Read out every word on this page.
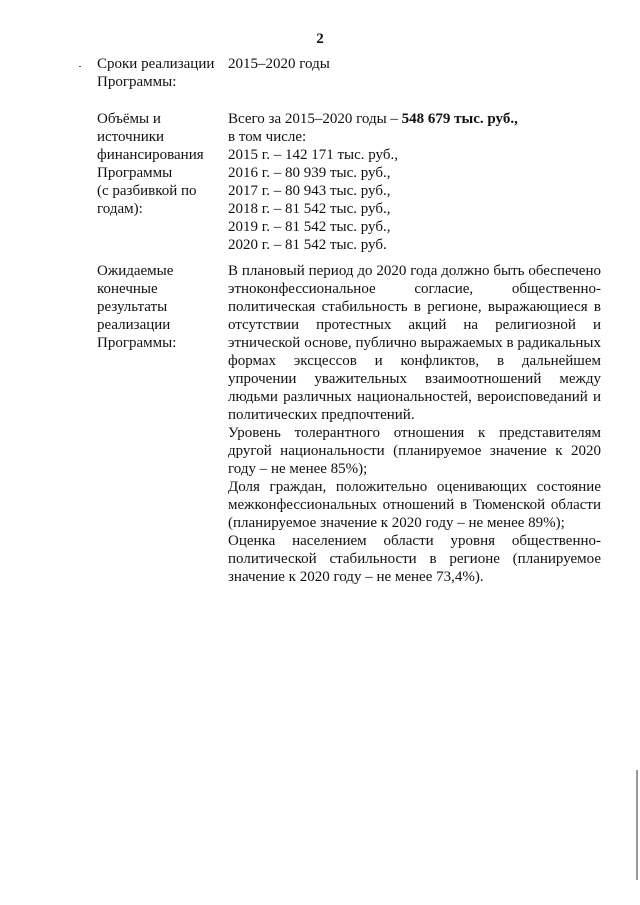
2
Сроки реализации
Программы:
2015–2020 годы
Объёмы и
источники
финансирования
Программы
(с разбивкой по
годам):
Всего за 2015–2020 годы – 548 679 тыс. руб.,
в том числе:
2015 г. – 142 171 тыс. руб.,
2016 г. – 80 939 тыс. руб.,
2017 г. – 80 943 тыс. руб.,
2018 г. – 81 542 тыс. руб.,
2019 г. – 81 542 тыс. руб.,
2020 г. – 81 542 тыс. руб.
Ожидаемые
конечные
результаты
реализации
Программы:

В плановый период до 2020 года должно быть обеспечено этноконфессиональное согласие, общественно-политическая стабильность в регионе, выражающиеся в отсутствии протестных акций на религиозной и этнической основе, публично выражаемых в радикальных формах эксцессов и конфликтов, в дальнейшем упрочении уважительных взаимоотношений между людьми различных национальностей, вероисповеданий и политических предпочтений.

Уровень толерантного отношения к представителям другой национальности (планируемое значение к 2020 году – не менее 85%);

Доля граждан, положительно оценивающих состояние межконфессиональных отношений в Тюменской области (планируемое значение к 2020 году – не менее 89%);

Оценка населением области уровня общественно-политической стабильности в регионе (планируемое значение к 2020 году – не менее 73,4%).
